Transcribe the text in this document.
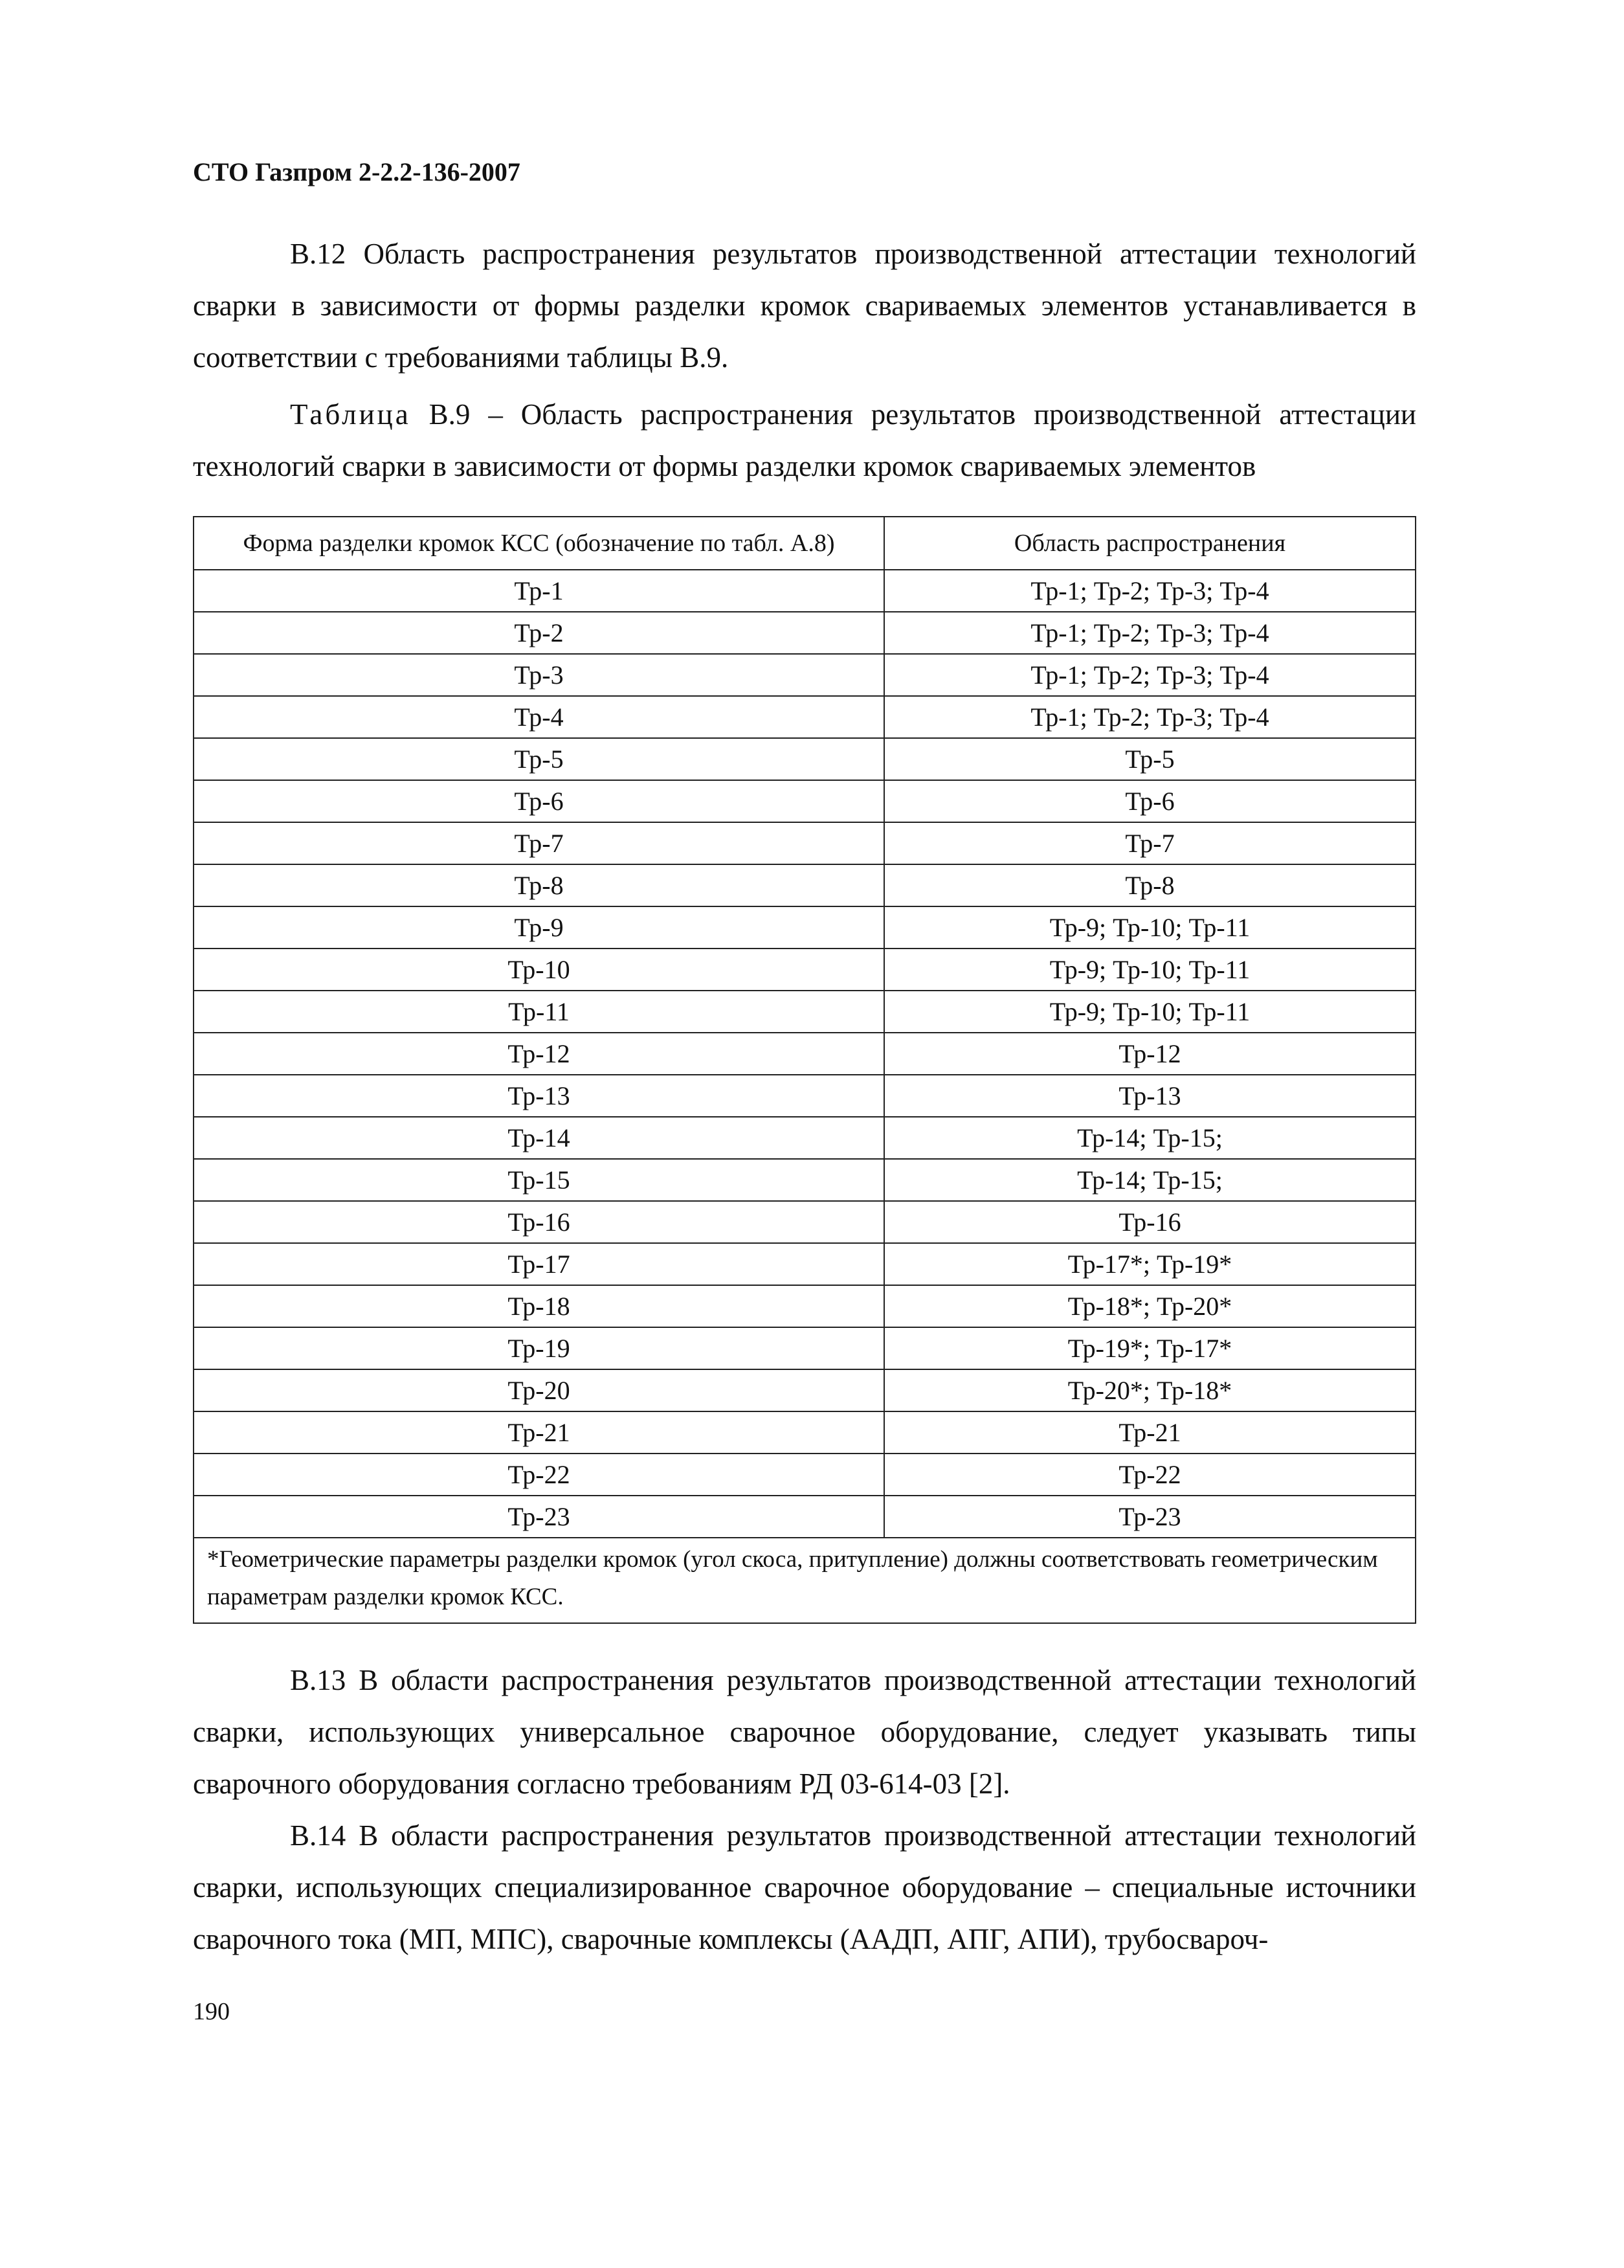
СТО Газпром 2-2.2-136-2007

В.12 Область распространения результатов производственной аттестации технологий сварки в зависимости от формы разделки кромок свариваемых элементов устанавливается в соответствии с требованиями таблицы В.9.

Таблица В.9 – Область распространения результатов производственной аттестации технологий сварки в зависимости от формы разделки кромок свариваемых элементов

Форма разделки кромок КСС (обозначение по табл. А.8)	Область распространения
Тр-1	Тр-1; Тр-2; Тр-3; Тр-4
Тр-2	Тр-1; Тр-2; Тр-3; Тр-4
Тр-3	Тр-1; Тр-2; Тр-3; Тр-4
Тр-4	Тр-1; Тр-2; Тр-3; Тр-4
Тр-5	Тр-5
Тр-6	Тр-6
Тр-7	Тр-7
Тр-8	Тр-8
Тр-9	Тр-9; Тр-10; Тр-11
Тр-10	Тр-9; Тр-10; Тр-11
Тр-11	Тр-9; Тр-10; Тр-11
Тр-12	Тр-12
Тр-13	Тр-13
Тр-14	Тр-14; Тр-15;
Тр-15	Тр-14; Тр-15;
Тр-16	Тр-16
Тр-17	Тр-17*; Тр-19*
Тр-18	Тр-18*; Тр-20*
Тр-19	Тр-19*; Тр-17*
Тр-20	Тр-20*; Тр-18*
Тр-21	Тр-21
Тр-22	Тр-22
Тр-23	Тр-23
*Геометрические параметры разделки кромок (угол скоса, притупление) должны соответствовать геометрическим параметрам разделки кромок КСС.	

В.13 В области распространения результатов производственной аттестации технологий сварки, использующих универсальное сварочное оборудование, следует указывать типы сварочного оборудования согласно требованиям РД 03-614-03 [2].

В.14 В области распространения результатов производственной аттестации технологий сварки, использующих специализированное сварочное оборудование – специальные источники сварочного тока (МП, МПС), сварочные комплексы (ААДП, АПГ, АПИ), трубосвароч-

190
